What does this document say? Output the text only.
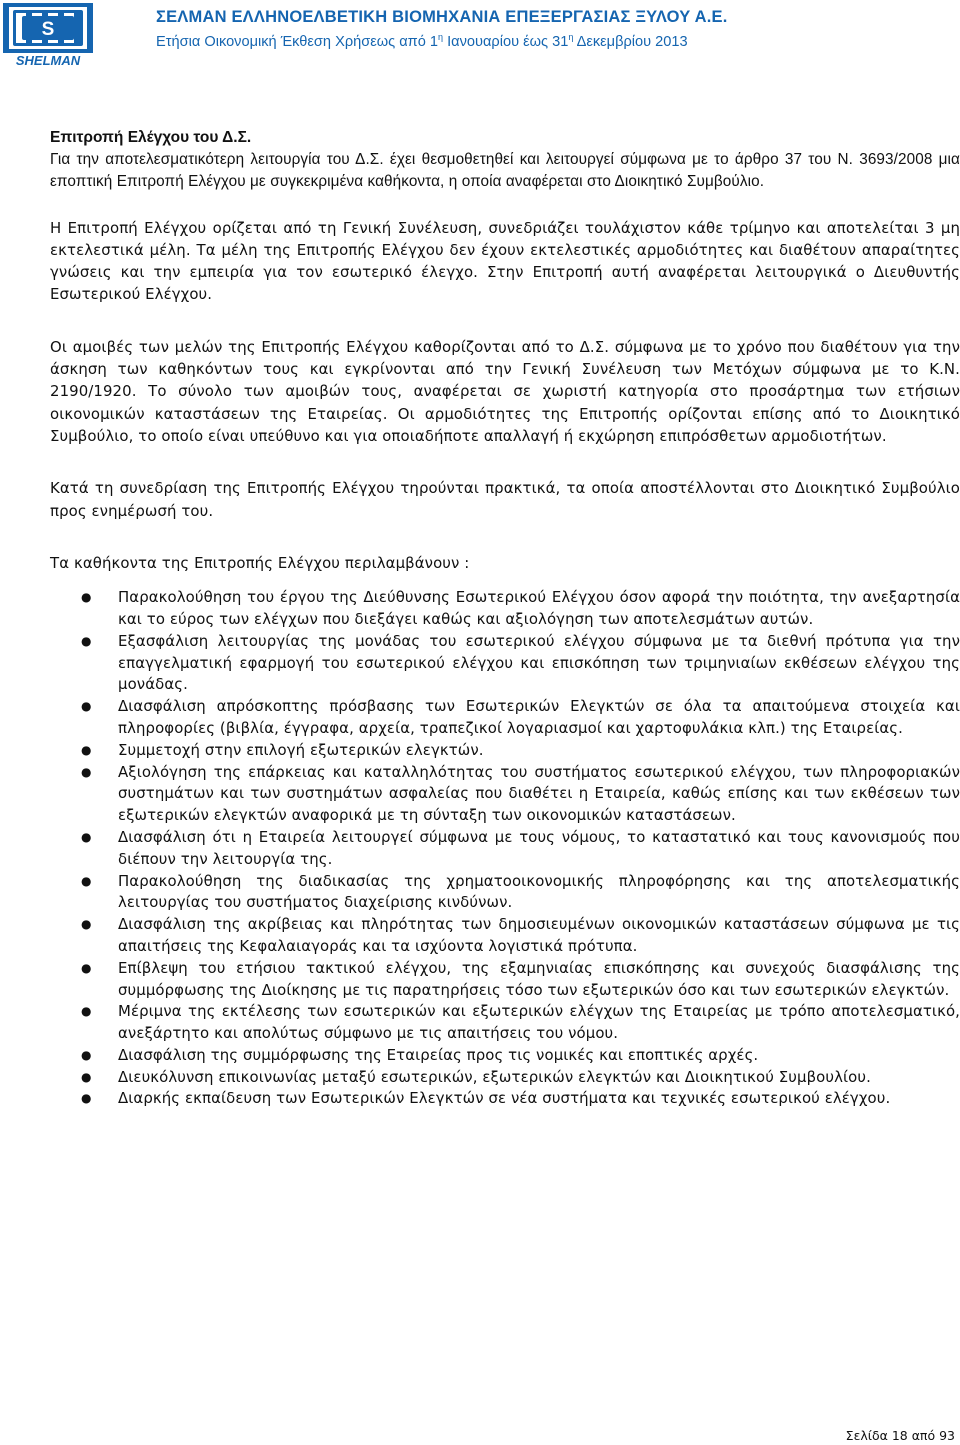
S
SHELMAN
ΣΕΛΜΑΝ ΕΛΛΗΝΟΕΛΒΕΤΙΚΗ ΒΙΟΜΗΧΑΝΙΑ ΕΠΕΞΕΡΓΑΣΙΑΣ ΞΥΛΟΥ Α.Ε.
Ετήσια Οικονομική Έκθεση Χρήσεως από $1^\eta$ Ιανουαρίου έως $31^\eta$ Δεκεμβρίου 2013
Επιτροπή Ελέγχου του Δ.Σ.

Για την αποτελεσματικότερη λειτουργία του Δ.Σ. έχει θεσμοθετηθεί και λειτουργεί σύμφωνα με το άρθρο 37 του Ν. 3693/2008 μια εποπτική Επιτροπή Ελέγχου με συγκεκριμένα καθήκοντα, η οποία αναφέρεται στο Διοικητικό Συμβούλιο.

Η Επιτροπή Ελέγχου ορίζεται από τη Γενική Συνέλευση, συνεδριάζει τουλάχιστον κάθε τρίμηνο και αποτελείται 3 μη εκτελεστικά μέλη. Τα μέλη της Επιτροπής Ελέγχου δεν έχουν εκτελεστικές αρμοδιότητες και διαθέτουν απαραίτητες γνώσεις και την εμπειρία για τον εσωτερικό έλεγχο. Στην Επιτροπή αυτή αναφέρεται λειτουργικά ο Διευθυντής Εσωτερικού Ελέγχου.

Οι αμοιβές των μελών της Επιτροπής Ελέγχου καθορίζονται από το Δ.Σ. σύμφωνα με το χρόνο που διαθέτουν για την άσκηση των καθηκόντων τους και εγκρίνονται από την Γενική Συνέλευση των Μετόχων σύμφωνα με το Κ.Ν. 2190/1920. Το σύνολο των αμοιβών τους, αναφέρεται σε χωριστή κατηγορία στο προσάρτημα των ετήσιων οικονομικών καταστάσεων της Εταιρείας. Οι αρμοδιότητες της Επιτροπής ορίζονται επίσης από το Διοικητικό Συμβούλιο, το οποίο είναι υπεύθυνο και για οποιαδήποτε απαλλαγή ή εκχώρηση επιπρόσθετων αρμοδιοτήτων.

Κατά τη συνεδρίαση της Επιτροπής Ελέγχου τηρούνται πρακτικά, τα οποία αποστέλλονται στο Διοικητικό Συμβούλιο προς ενημέρωσή του.

Τα καθήκοντα της Επιτροπής Ελέγχου περιλαμβάνουν :

● Παρακολούθηση του έργου της Διεύθυνσης Εσωτερικού Ελέγχου όσον αφορά την ποιότητα, την ανεξαρτησία και το εύρος των ελέγχων που διεξάγει καθώς και αξιολόγηση των αποτελεσμάτων αυτών.
● Εξασφάλιση λειτουργίας της μονάδας του εσωτερικού ελέγχου σύμφωνα με τα διεθνή πρότυπα για την επαγγελματική εφαρμογή του εσωτερικού ελέγχου και επισκόπηση των τριμηνιαίων εκθέσεων ελέγχου της μονάδας.
● Διασφάλιση απρόσκοπτης πρόσβασης των Εσωτερικών Ελεγκτών σε όλα τα απαιτούμενα στοιχεία και πληροφορίες (βιβλία, έγγραφα, αρχεία, τραπεζικοί λογαριασμοί και χαρτοφυλάκια κλπ.) της Εταιρείας.
● Συμμετοχή στην επιλογή εξωτερικών ελεγκτών.
● Αξιολόγηση της επάρκειας και καταλληλότητας του συστήματος εσωτερικού ελέγχου, των πληροφοριακών συστημάτων και των συστημάτων ασφαλείας που διαθέτει η Εταιρεία, καθώς επίσης και των εκθέσεων των εξωτερικών ελεγκτών αναφορικά με τη σύνταξη των οικονομικών καταστάσεων.
● Διασφάλιση ότι η Εταιρεία λειτουργεί σύμφωνα με τους νόμους, το καταστατικό και τους κανονισμούς που διέπουν την λειτουργία της.
● Παρακολούθηση της διαδικασίας της χρηματοοικονομικής πληροφόρησης και της αποτελεσματικής λειτουργίας του συστήματος διαχείρισης κινδύνων.
● Διασφάλιση της ακρίβειας και πληρότητας των δημοσιευμένων οικονομικών καταστάσεων σύμφωνα με τις απαιτήσεις της Κεφαλαιαγοράς και τα ισχύοντα λογιστικά πρότυπα.
● Επίβλεψη του ετήσιου τακτικού ελέγχου, της εξαμηνιαίας επισκόπησης και συνεχούς διασφάλισης της συμμόρφωσης της Διοίκησης με τις παρατηρήσεις τόσο των εξωτερικών όσο και των εσωτερικών ελεγκτών.
● Μέριμνα της εκτέλεσης των εσωτερικών και εξωτερικών ελέγχων της Εταιρείας με τρόπο αποτελεσματικό, ανεξάρτητο και απολύτως σύμφωνο με τις απαιτήσεις του νόμου.
● Διασφάλιση της συμμόρφωσης της Εταιρείας προς τις νομικές και εποπτικές αρχές.
● Διευκόλυνση επικοινωνίας μεταξύ εσωτερικών, εξωτερικών ελεγκτών και Διοικητικού Συμβουλίου.
● Διαρκής εκπαίδευση των Εσωτερικών Ελεγκτών σε νέα συστήματα και τεχνικές εσωτερικού ελέγχου.
Σελίδα 18 από 93
